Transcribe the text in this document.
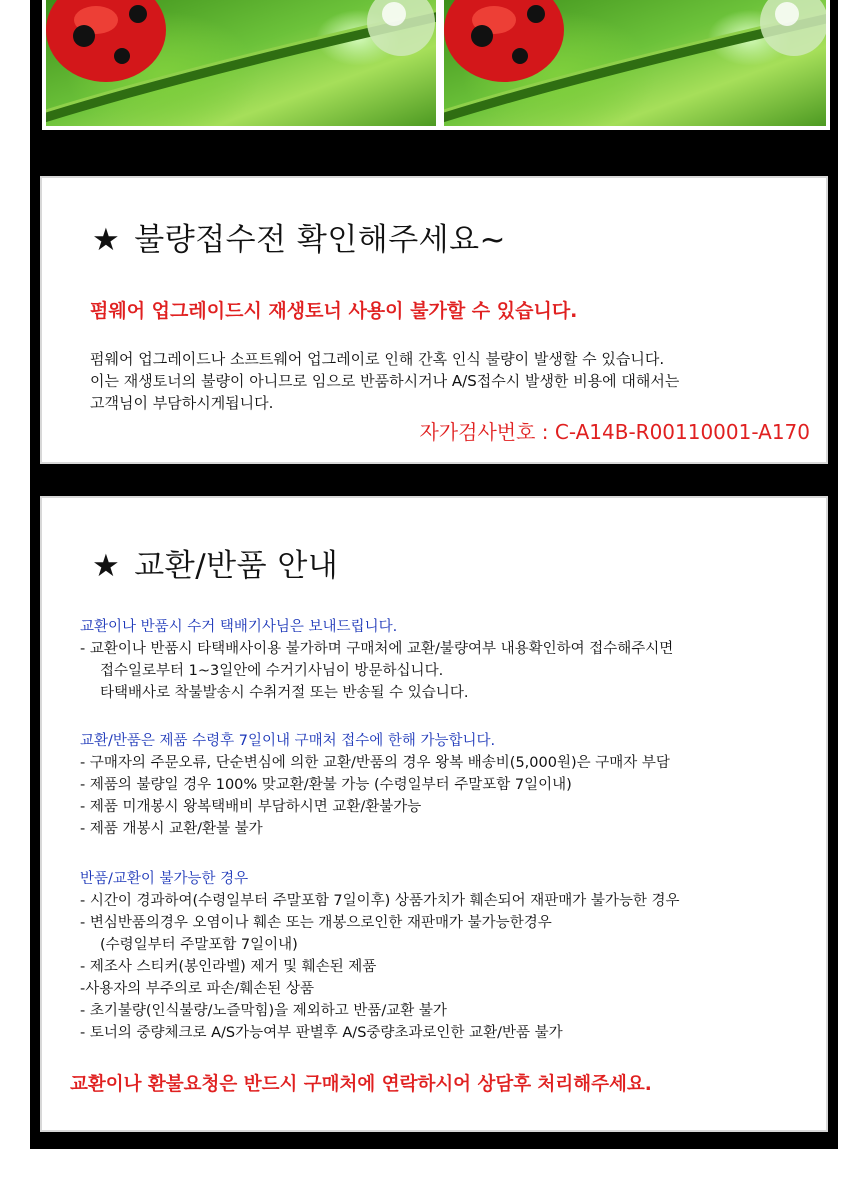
★ 불량접수전 확인해주세요~
펌웨어 업그레이드시 재생토너 사용이 불가할 수 있습니다.
펌웨어 업그레이드나 소프트웨어 업그레이로 인해 간혹 인식 불량이 발생할 수 있습니다.
이는 재생토너의 불량이 아니므로 임으로 반품하시거나 A/S접수시 발생한 비용에 대해서는
고객님이 부담하시게됩니다.
자가검사번호 : C-A14B-R00110001-A170
★ 교환/반품 안내
교환이나 반품시 수거 택배기사님은 보내드립니다.
- 교환이나 반품시 타택배사이용 불가하며 구매처에 교환/불량여부 내용확인하여 접수해주시면
접수일로부터 1~3일안에 수거기사님이 방문하십니다.
타택배사로 착불발송시 수취거절 또는 반송될 수 있습니다.
교환/반품은 제품 수령후 7일이내 구매처 접수에 한해 가능합니다.
- 구매자의 주문오류, 단순변심에 의한 교환/반품의 경우 왕복 배송비(5,000원)은 구매자 부담
- 제품의 불량일 경우 100% 맞교환/환불 가능 (수령일부터 주말포함 7일이내)
- 제품 미개봉시 왕복택배비 부담하시면 교환/환불가능
- 제품 개봉시 교환/환불 불가
반품/교환이 불가능한 경우
- 시간이 경과하여(수령일부터 주말포함 7일이후) 상품가치가 훼손되어 재판매가 불가능한 경우
- 변심반품의경우 오염이나 훼손 또는 개봉으로인한 재판매가 불가능한경우
(수령일부터 주말포함 7일이내)
- 제조사 스티커(봉인라벨) 제거 및 훼손된 제품
-사용자의 부주의로 파손/훼손된 상품
- 초기불량(인식불량/노즐막힘)을 제외하고 반품/교환 불가
- 토너의 중량체크로 A/S가능여부 판별후 A/S중량초과로인한 교환/반품 불가
교환이나 환불요청은 반드시 구매처에 연락하시어 상담후 처리해주세요.
